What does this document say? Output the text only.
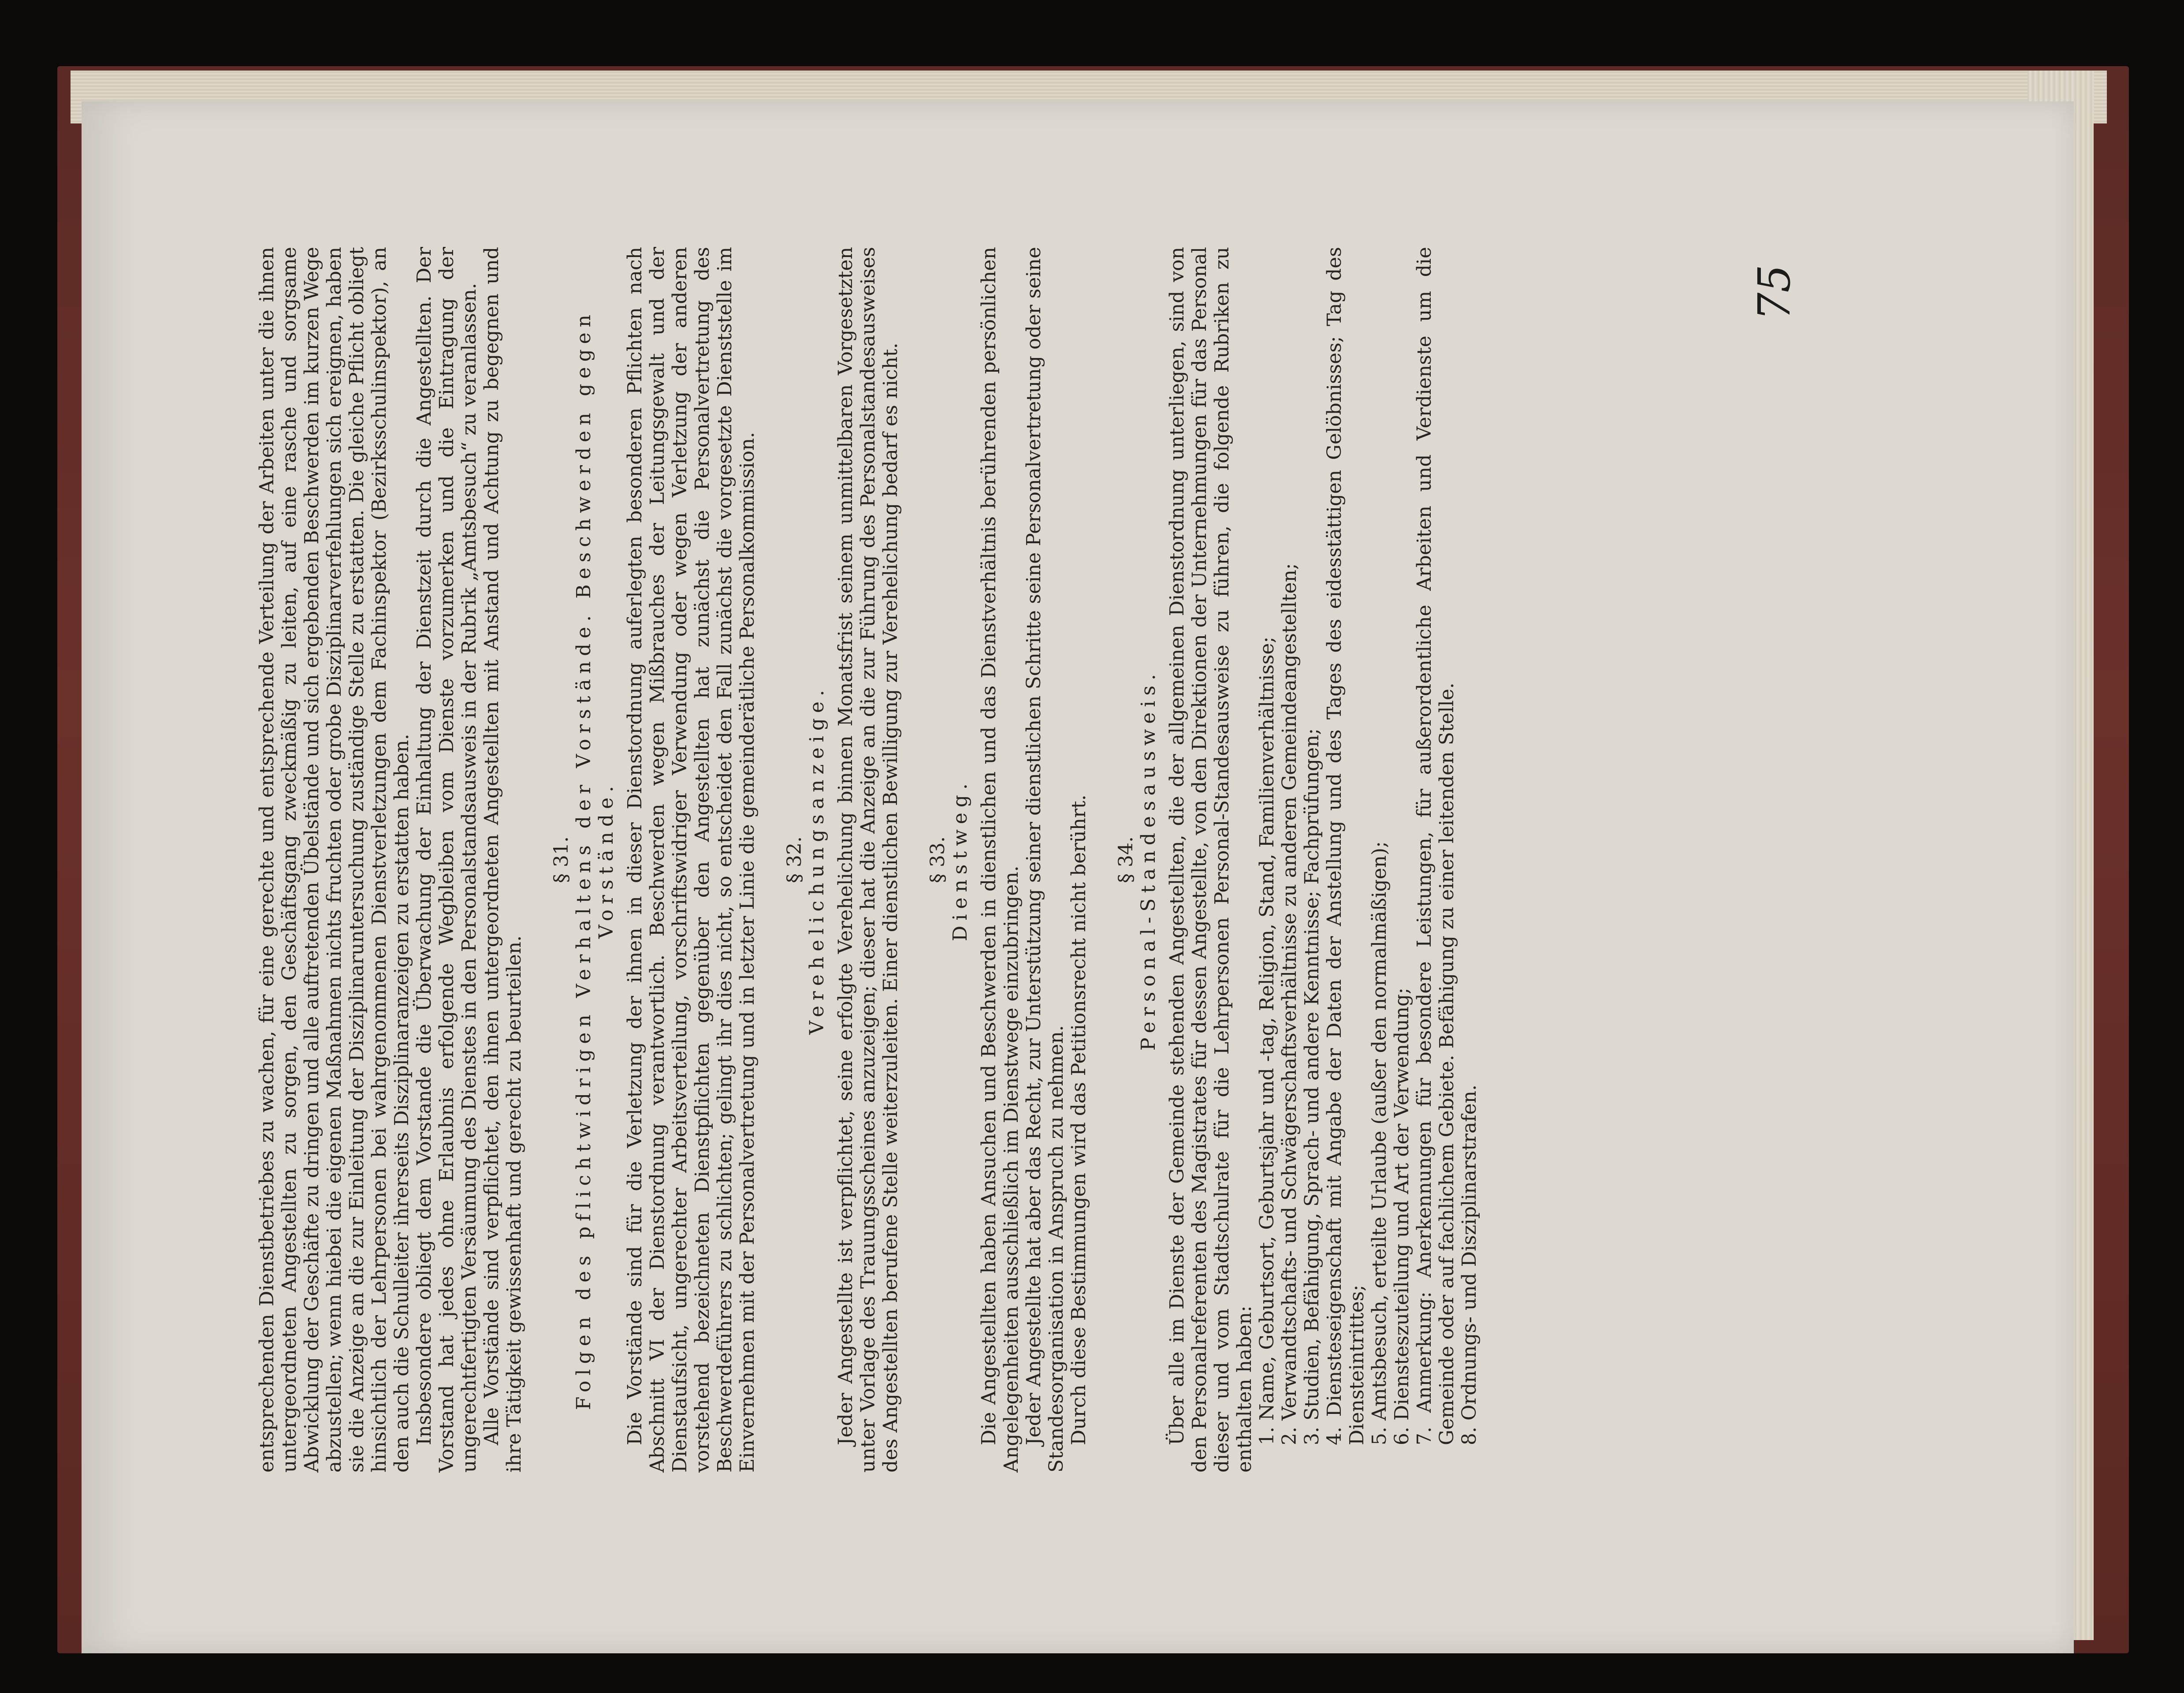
entsprechenden Dienstbetriebes zu wachen, für eine gerechte und entsprechende Verteilung der Arbeiten unter die ihnen untergeordneten Angestellten zu sorgen, den Geschäftsgang zweckmäßig zu leiten, auf eine rasche und sorgsame Abwicklung der Geschäfte zu dringen und alle auftretenden Übelstände und sich ergebenden Beschwerden im kurzen Wege abzustellen; wenn hiebei die eigenen Maßnahmen nichts fruchten oder grobe Disziplinarverfehlungen sich ereignen, haben sie die Anzeige an die zur Einleitung der Disziplinaruntersuchung zuständige Stelle zu erstatten. Die gleiche Pflicht obliegt hinsichtlich der Lehrpersonen bei wahrgenommenen Dienstverletzungen dem Fachinspektor (Bezirksschulinspektor), an den auch die Schulleiter ihrerseits Disziplinaranzeigen zu erstatten haben. Insbesondere obliegt dem Vorstande die Überwachung der Einhaltung der Dienstzeit durch die Angestellten. Der Vorstand hat jedes ohne Erlaubnis erfolgende Wegbleiben vom Dienste vorzumerken und die Eintragung der ungerechtfertigten Versäumung des Dienstes in den Personalstandsausweis in der Rubrik „Amtsbesuch“ zu veranlassen. Alle Vorstände sind verpflichtet, den ihnen untergeordneten Angestellten mit Anstand und Achtung zu begegnen und ihre Tätigkeit gewissenhaft und gerecht zu beurteilen.

§ 31. Folgen des pflichtwidrigen Verhaltens der Vorstände. Beschwerden gegen Vorstände. Die Vorstände sind für die Verletzung der ihnen in dieser Dienstordnung auferlegten besonderen Pflichten nach Abschnitt VI der Dienstordnung verantwortlich. Beschwerden wegen Mißbrauches der Leitungsgewalt und der Dienstaufsicht, ungerechter Arbeitsverteilung, vorschriftswidriger Verwendung oder wegen Verletzung der anderen vorstehend bezeichneten Dienstpflichten gegenüber den Angestellten hat zunächst die Personalvertretung des Beschwerdeführers zu schlichten; gelingt ihr dies nicht, so entscheidet den Fall zunächst die vorgesetzte Dienststelle im Einvernehmen mit der Personalvertretung und in letzter Linie die gemeinderätliche Personalkommission. § 32. Verehelichungsanzeige. Jeder Angestellte ist verpflichtet, seine erfolgte Verehelichung binnen Monatsfrist seinem unmittelbaren Vorgesetzten unter Vorlage des Trauungsscheines anzuzeigen; dieser hat die Anzeige an die zur Führung des Personalstandesausweises des Angestellten berufene Stelle weiterzuleiten. Einer dienstlichen Bewilligung zur Verehelichung bedarf es nicht. § 33. Dienstweg. Die Angestellten haben Ansuchen und Beschwerden in dienstlichen und das Dienstverhältnis berührenden persönlichen Angelegenheiten ausschließlich im Dienstwege einzubringen. Jeder Angestellte hat aber das Recht, zur Unterstützung seiner dienstlichen Schritte seine Personalvertretung oder seine Standesorganisation in Anspruch zu nehmen. Durch diese Bestimmungen wird das Petitionsrecht nicht berührt. § 34. Personal-Standesausweis. Über alle im Dienste der Gemeinde stehenden Angestellten, die der allgemeinen Dienstordnung unterliegen, sind von den Personalreferenten des Magistrates für dessen Angestellte, von den Direktionen der Unternehmungen für das Personal dieser und vom Stadtschulrate für die Lehrpersonen Personal-Standesausweise zu führen, die folgende Rubriken zu enthalten haben: 1. Name, Geburtsort, Geburtsjahr und -tag, Religion, Stand, Familienverhältnisse; 2. Verwandtschafts- und Schwägerschaftsverhältnisse zu anderen Gemeindeangestellten; 3. Studien, Befähigung, Sprach- und andere Kenntnisse; Fachprüfungen; 4. Diensteseigenschaft mit Angabe der Daten der Anstellung und des Tages des eidesstättigen Gelöbnisses; Tag des Diensteintrittes; 5. Amtsbesuch, erteilte Urlaube (außer den normalmäßigen); 6. Diensteszuteilung und Art der Verwendung; 7. Anmerkung: Anerkennungen für besondere Leistungen, für außerordentliche Arbeiten und Verdienste um die Gemeinde oder auf fachlichem Gebiete. Befähigung zu einer leitenden Stelle. 8. Ordnungs- und Disziplinarstrafen.

75
